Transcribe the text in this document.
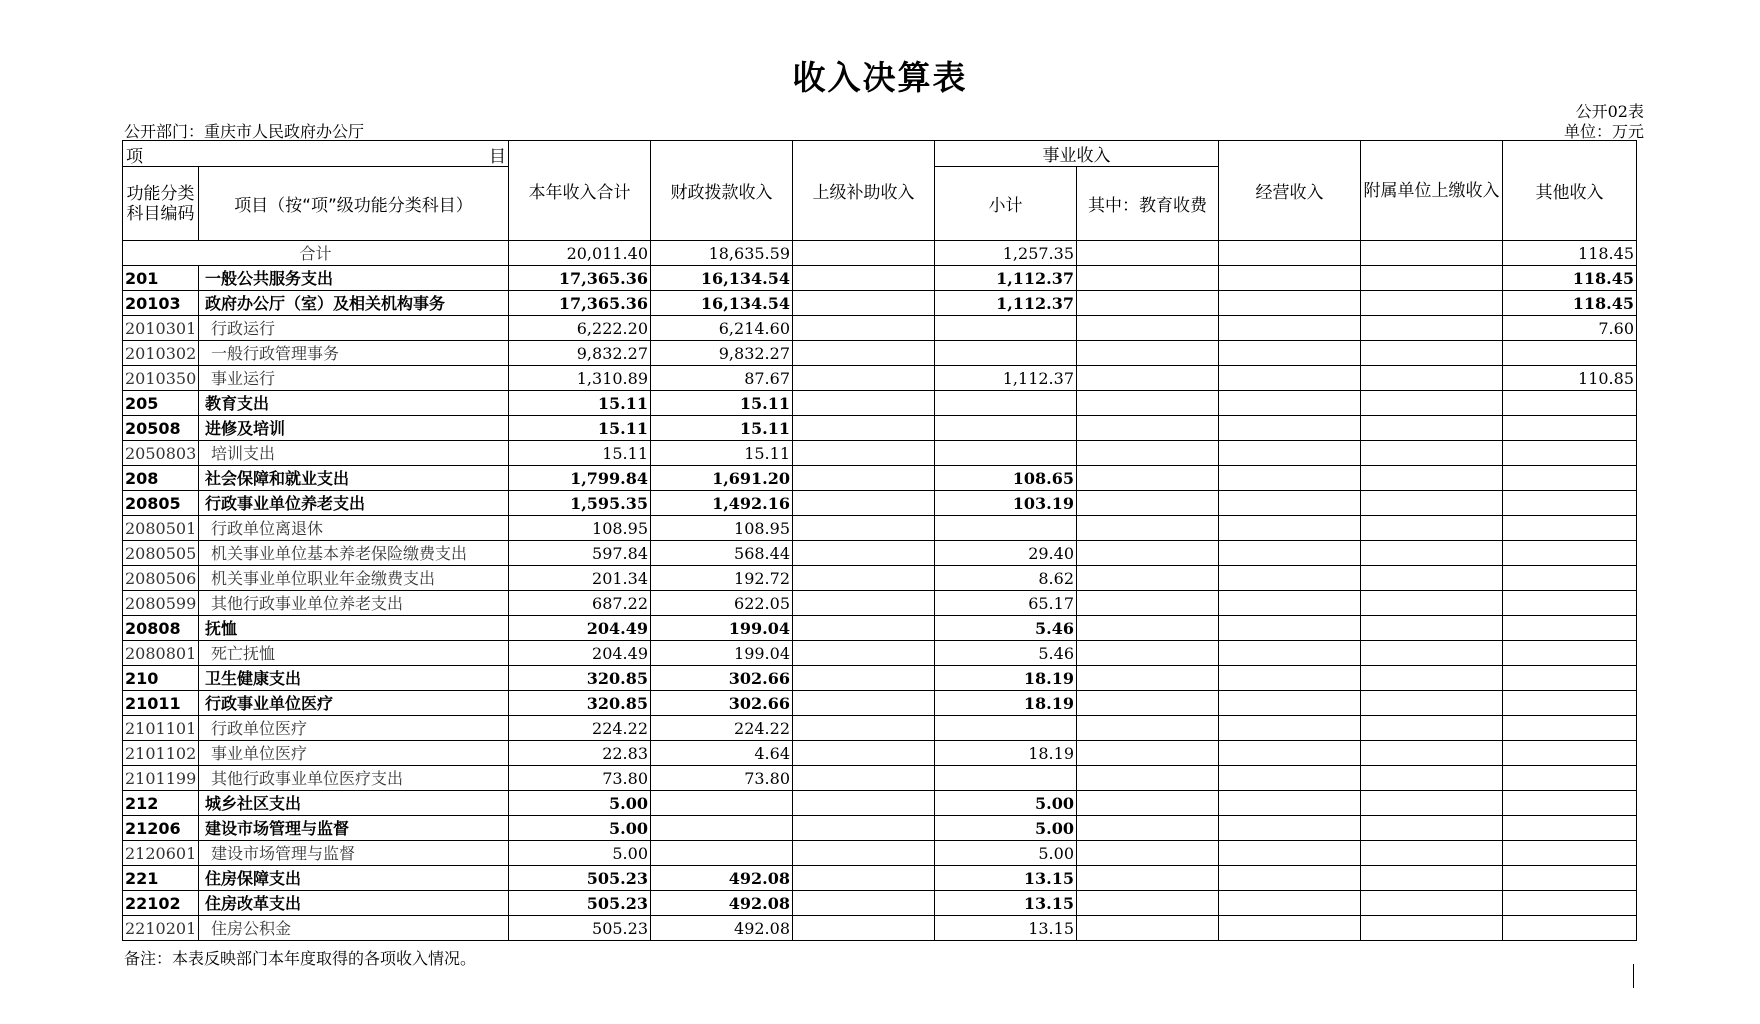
收入决算表
公开02表
单位：万元
公开部门：重庆市人民政府办公厅
项 目		本年收入合计	财政拨款收入	上级补助收入	事业收入		经营收入	附属单位上缴收入	其他收入
功能分类科目编码	项目（按“项”级功能分类科目）				小计	其中：教育收费			
合计		20,011.40	18,635.59		1,257.35				118.45
201	一般公共服务支出	17,365.36	16,134.54		1,112.37				118.45
20103	政府办公厅（室）及相关机构事务	17,365.36	16,134.54		1,112.37				118.45
2010301	行政运行	6,222.20	6,214.60						7.60
2010302	一般行政管理事务	9,832.27	9,832.27						
2010350	事业运行	1,310.89	87.67		1,112.37				110.85
205	教育支出	15.11	15.11						
20508	进修及培训	15.11	15.11						
2050803	培训支出	15.11	15.11						
208	社会保障和就业支出	1,799.84	1,691.20		108.65				
20805	行政事业单位养老支出	1,595.35	1,492.16		103.19				
2080501	行政单位离退休	108.95	108.95						
2080505	机关事业单位基本养老保险缴费支出	597.84	568.44		29.40				
2080506	机关事业单位职业年金缴费支出	201.34	192.72		8.62				
2080599	其他行政事业单位养老支出	687.22	622.05		65.17				
20808	抚恤	204.49	199.04		5.46				
2080801	死亡抚恤	204.49	199.04		5.46				
210	卫生健康支出	320.85	302.66		18.19				
21011	行政事业单位医疗	320.85	302.66		18.19				
2101101	行政单位医疗	224.22	224.22						
2101102	事业单位医疗	22.83	4.64		18.19				
2101199	其他行政事业单位医疗支出	73.80	73.80						
212	城乡社区支出	5.00			5.00				
21206	建设市场管理与监督	5.00			5.00				
2120601	建设市场管理与监督	5.00			5.00				
221	住房保障支出	505.23	492.08		13.15				
22102	住房改革支出	505.23	492.08		13.15				
2210201	住房公积金	505.23	492.08		13.15				
备注：本表反映部门本年度取得的各项收入情况。
